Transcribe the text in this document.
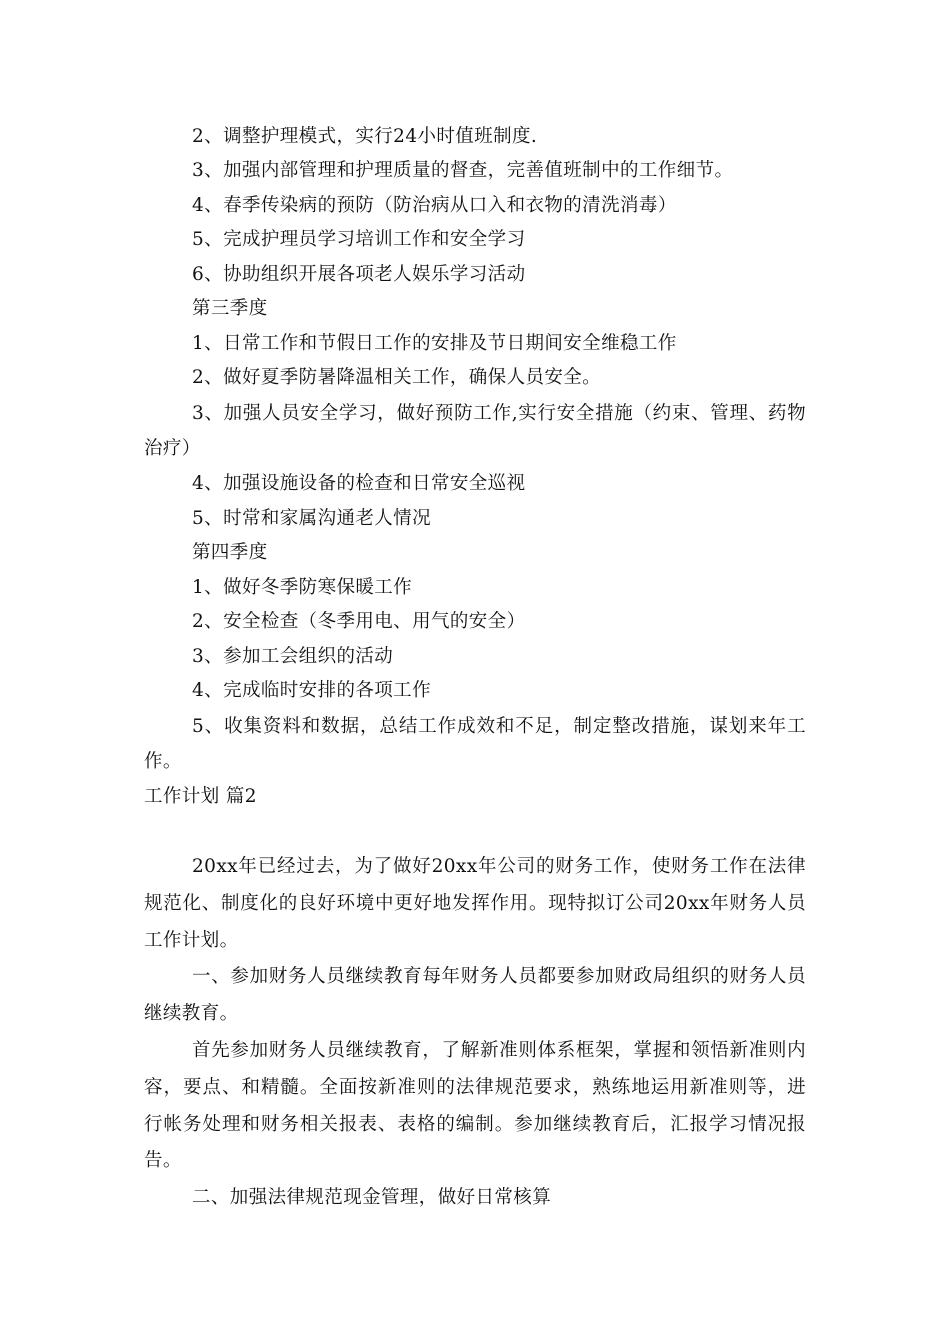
2、调整护理模式，实行24小时值班制度.
3、加强内部管理和护理质量的督查，完善值班制中的工作细节。
4、春季传染病的预防（防治病从口入和衣物的清洗消毒）
5、完成护理员学习培训工作和安全学习
6、协助组织开展各项老人娱乐学习活动
第三季度
1、日常工作和节假日工作的安排及节日期间安全维稳工作
2、做好夏季防暑降温相关工作，确保人员安全。
3、加强人员安全学习，做好预防工作,实行安全措施（约束、管理、药物
治疗）
4、加强设施设备的检查和日常安全巡视
5、时常和家属沟通老人情况
第四季度
1、做好冬季防寒保暖工作
2、安全检查（冬季用电、用气的安全）
3、参加工会组织的活动
4、完成临时安排的各项工作
5、收集资料和数据，总结工作成效和不足，制定整改措施，谋划来年工
作。
工作计划 篇2
20xx年已经过去，为了做好20xx年公司的财务工作，使财务工作在法律
规范化、制度化的良好环境中更好地发挥作用。现特拟订公司20xx年财务人员
工作计划。
一、参加财务人员继续教育每年财务人员都要参加财政局组织的财务人员
继续教育。
首先参加财务人员继续教育，了解新准则体系框架，掌握和领悟新准则内
容，要点、和精髓。全面按新准则的法律规范要求，熟练地运用新准则等，进
行帐务处理和财务相关报表、表格的编制。参加继续教育后，汇报学习情况报
告。
二、加强法律规范现金管理，做好日常核算
